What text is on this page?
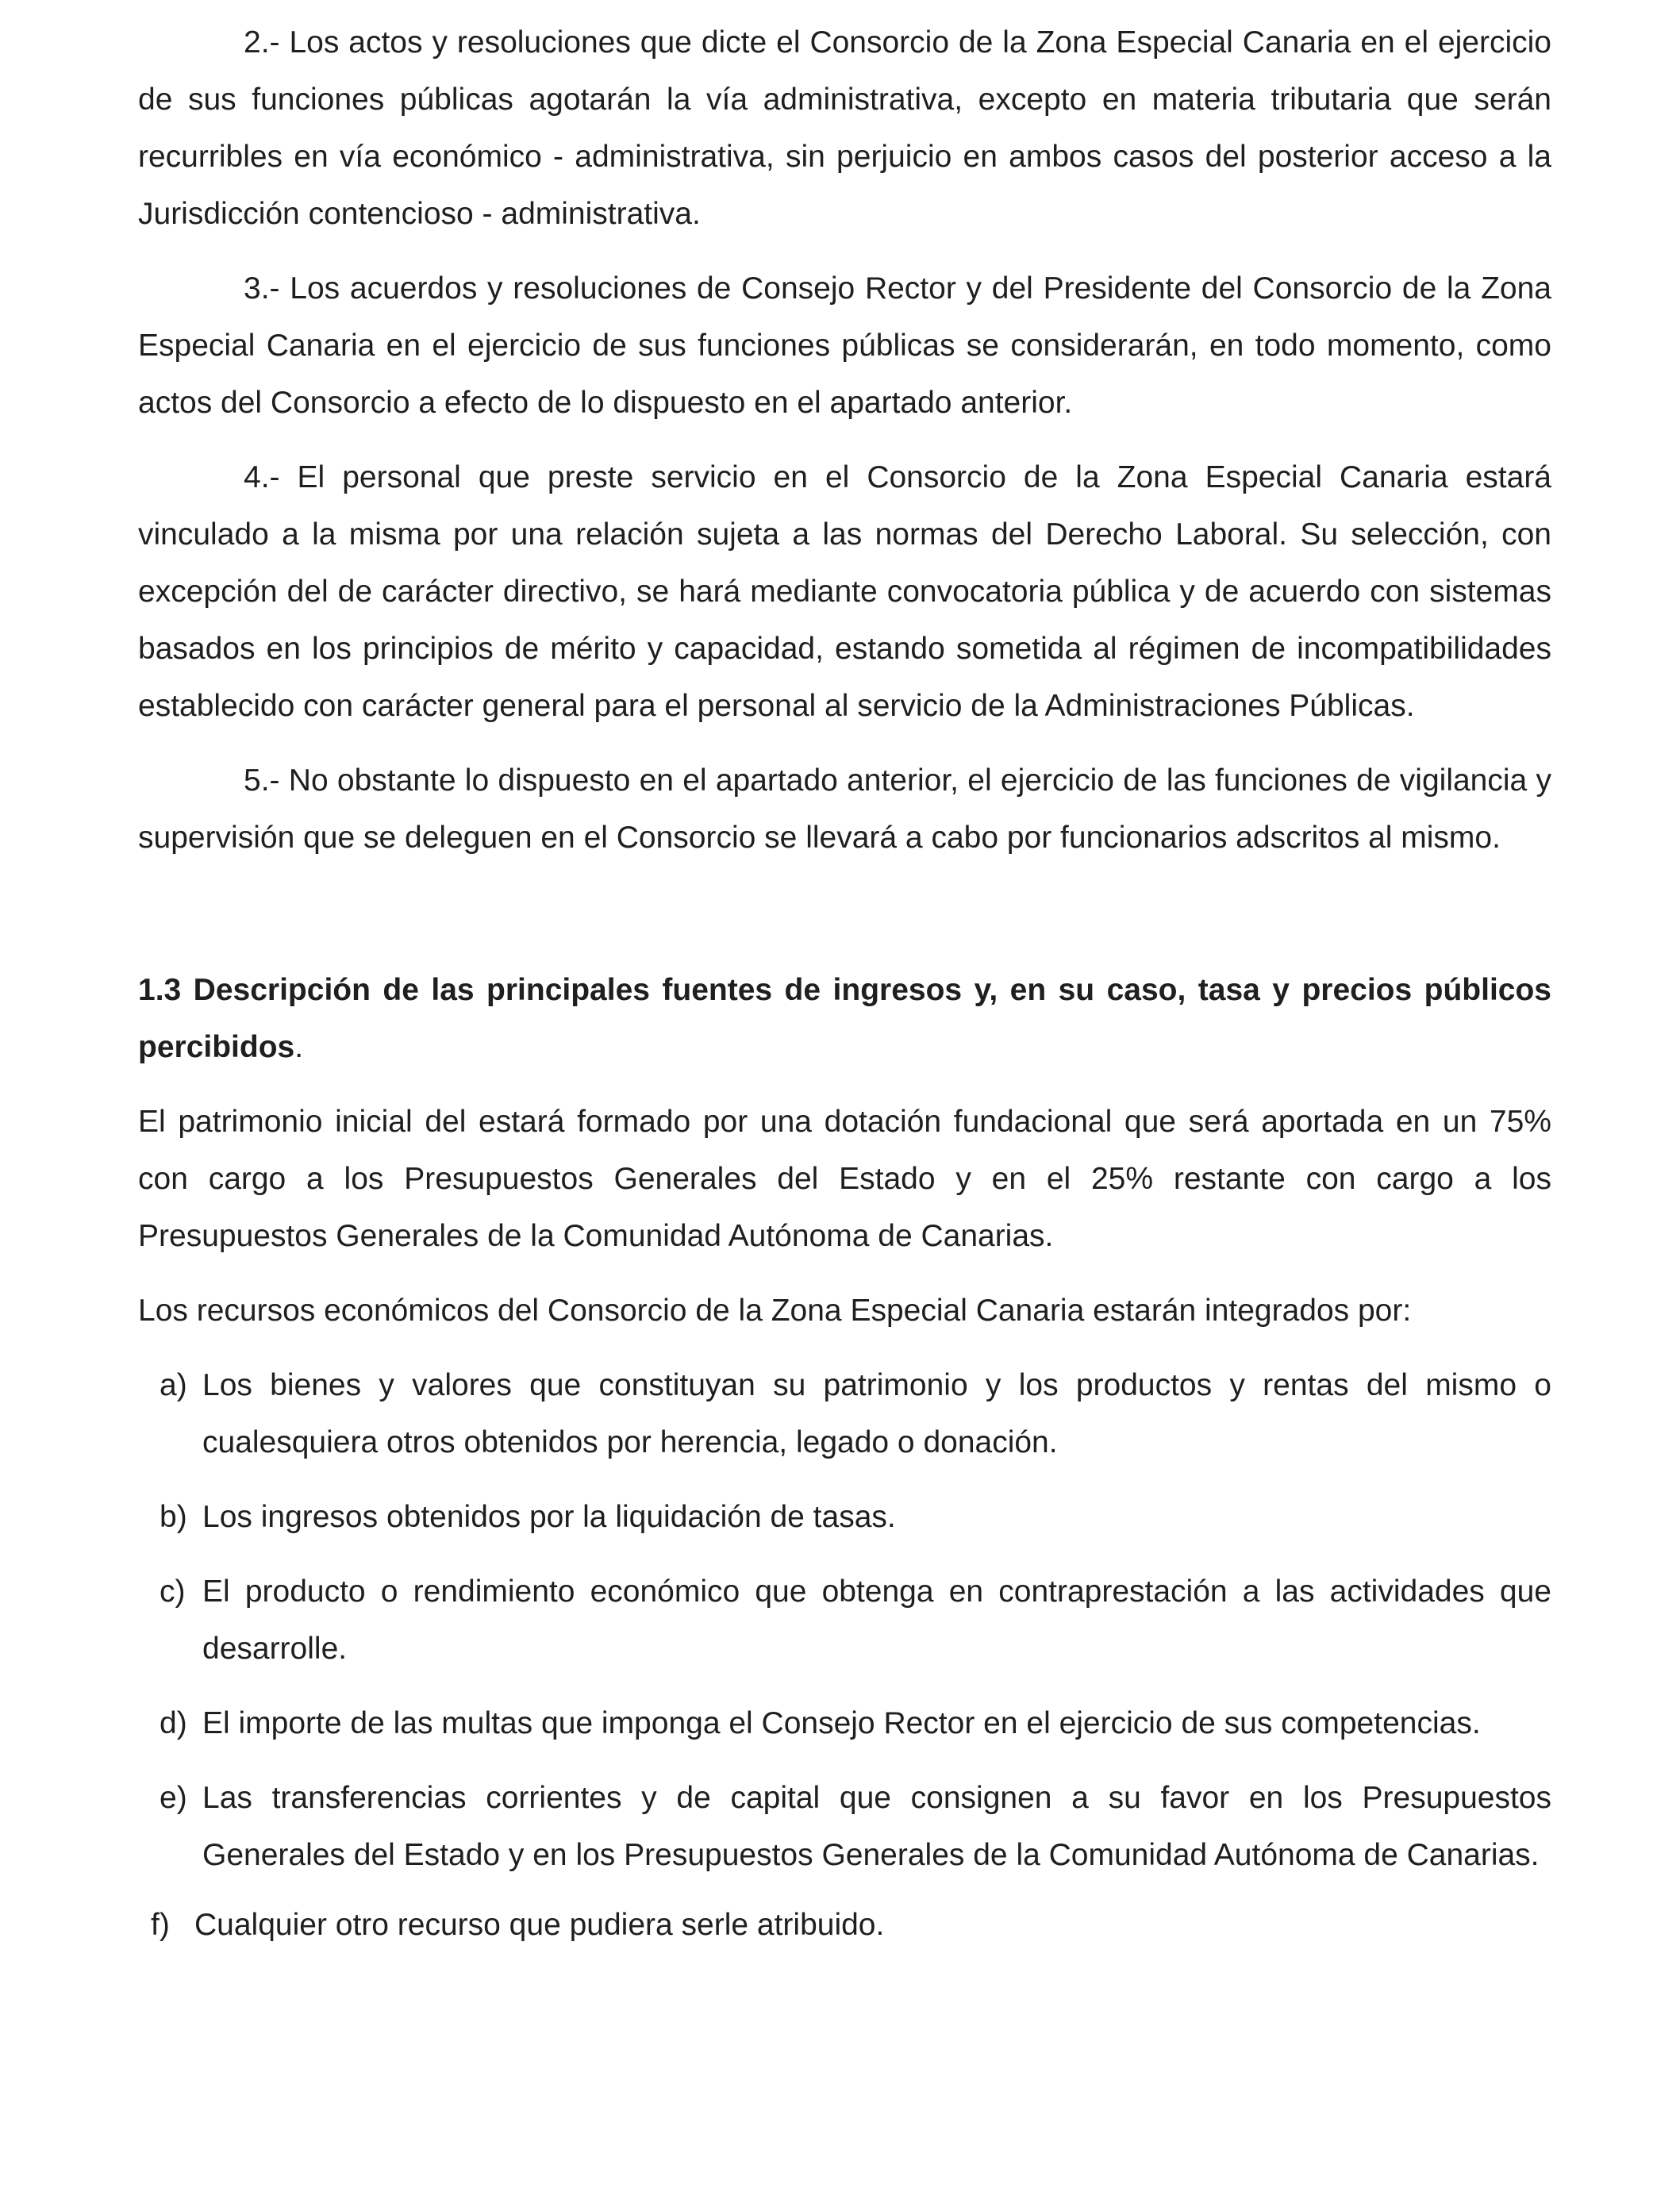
2.- Los actos y resoluciones que dicte el Consorcio de la Zona Especial Canaria en el ejercicio de sus funciones públicas agotarán la vía administrativa, excepto en materia tributaria que serán recurribles en vía económico - administrativa, sin perjuicio en ambos casos del posterior acceso a la Jurisdicción contencioso - administrativa.

3.- Los acuerdos y resoluciones de Consejo Rector y del Presidente del Consorcio de la Zona Especial Canaria en el ejercicio de sus funciones públicas se considerarán, en todo momento, como actos del Consorcio a efecto de lo dispuesto en el apartado anterior.

4.- El personal que preste servicio en el Consorcio de la Zona Especial Canaria estará vinculado a la misma por una relación sujeta a las normas del Derecho Laboral. Su selección, con excepción del de carácter directivo, se hará mediante convocatoria pública y de acuerdo con sistemas basados en los principios de mérito y capacidad, estando sometida al régimen de incompatibilidades establecido con carácter general para el personal al servicio de la Administraciones Públicas.

5.- No obstante lo dispuesto en el apartado anterior, el ejercicio de las funciones de vigilancia y supervisión que se deleguen en el Consorcio se llevará a cabo por funcionarios adscritos al mismo.

1.3 Descripción de las principales fuentes de ingresos y, en su caso, tasa y precios públicos percibidos.

El patrimonio inicial del estará formado por una dotación fundacional que será aportada en un 75% con cargo a los Presupuestos Generales del Estado y en el 25% restante con cargo a los Presupuestos Generales de la Comunidad Autónoma de Canarias.

Los recursos económicos del Consorcio de la Zona Especial Canaria estarán integrados por:

a) Los bienes y valores que constituyan su patrimonio y los productos y rentas del mismo o cualesquiera otros obtenidos por herencia, legado o donación.
b) Los ingresos obtenidos por la liquidación de tasas.
c) El producto o rendimiento económico que obtenga en contraprestación a las actividades que desarrolle.
d) El importe de las multas que imponga el Consejo Rector en el ejercicio de sus competencias.
e) Las transferencias corrientes y de capital que consignen a su favor en los Presupuestos Generales del Estado y en los Presupuestos Generales de la Comunidad Autónoma de Canarias.
f) Cualquier otro recurso que pudiera serle atribuido.
